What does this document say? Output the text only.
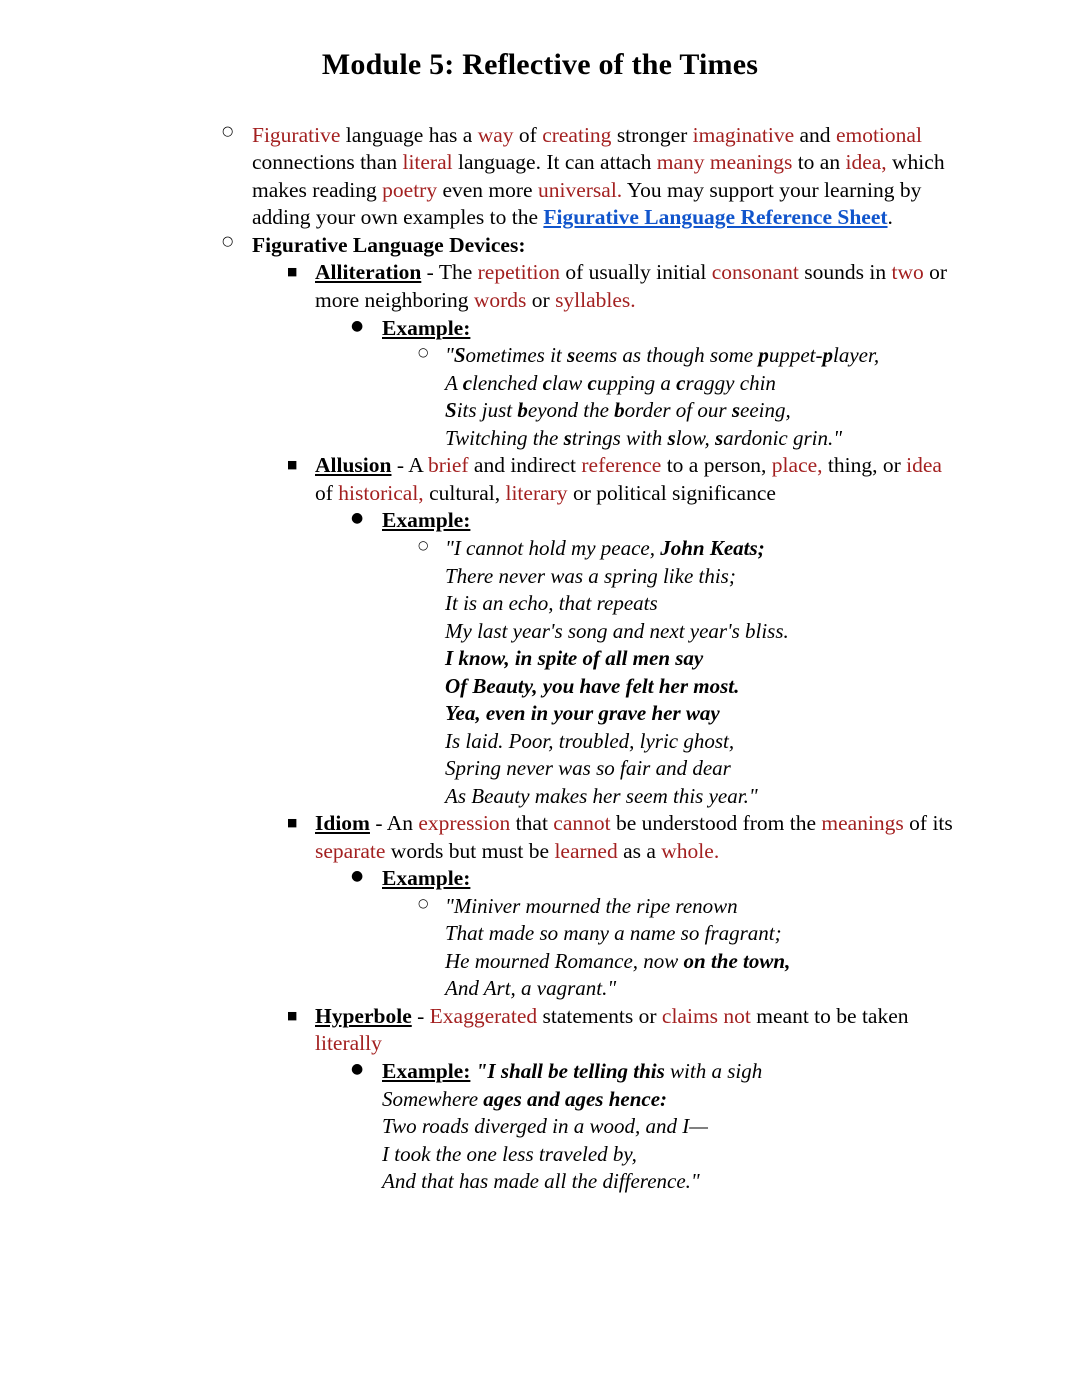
Module 5: Reflective of the Times
○ Figurative language has a way of creating stronger imaginative and emotional connections than literal language. It can attach many meanings to an idea, which makes reading poetry even more universal. You may support your learning by adding your own examples to the Figurative Language Reference Sheet.
○ Figurative Language Devices:
■ Alliteration - The repetition of usually initial consonant sounds in two or more neighboring words or syllables.
● Example:
○ "Sometimes it seems as though some puppet-player,
A clenched claw cupping a craggy chin
Sits just beyond the border of our seeing,
Twitching the strings with slow, sardonic grin."
■ Allusion - A brief and indirect reference to a person, place, thing, or idea of historical, cultural, literary or political significance
● Example:
○ "I cannot hold my peace, John Keats;
There never was a spring like this;
It is an echo, that repeats
My last year's song and next year's bliss.
I know, in spite of all men say
Of Beauty, you have felt her most.
Yea, even in your grave her way
Is laid. Poor, troubled, lyric ghost,
Spring never was so fair and dear
As Beauty makes her seem this year."
■ Idiom - An expression that cannot be understood from the meanings of its separate words but must be learned as a whole.
● Example:
○ "Miniver mourned the ripe renown
That made so many a name so fragrant;
He mourned Romance, now on the town,
And Art, a vagrant."
■ Hyperbole - Exaggerated statements or claims not meant to be taken literally
● Example: "I shall be telling this with a sigh
Somewhere ages and ages hence:
Two roads diverged in a wood, and I—
I took the one less traveled by,
And that has made all the difference."
